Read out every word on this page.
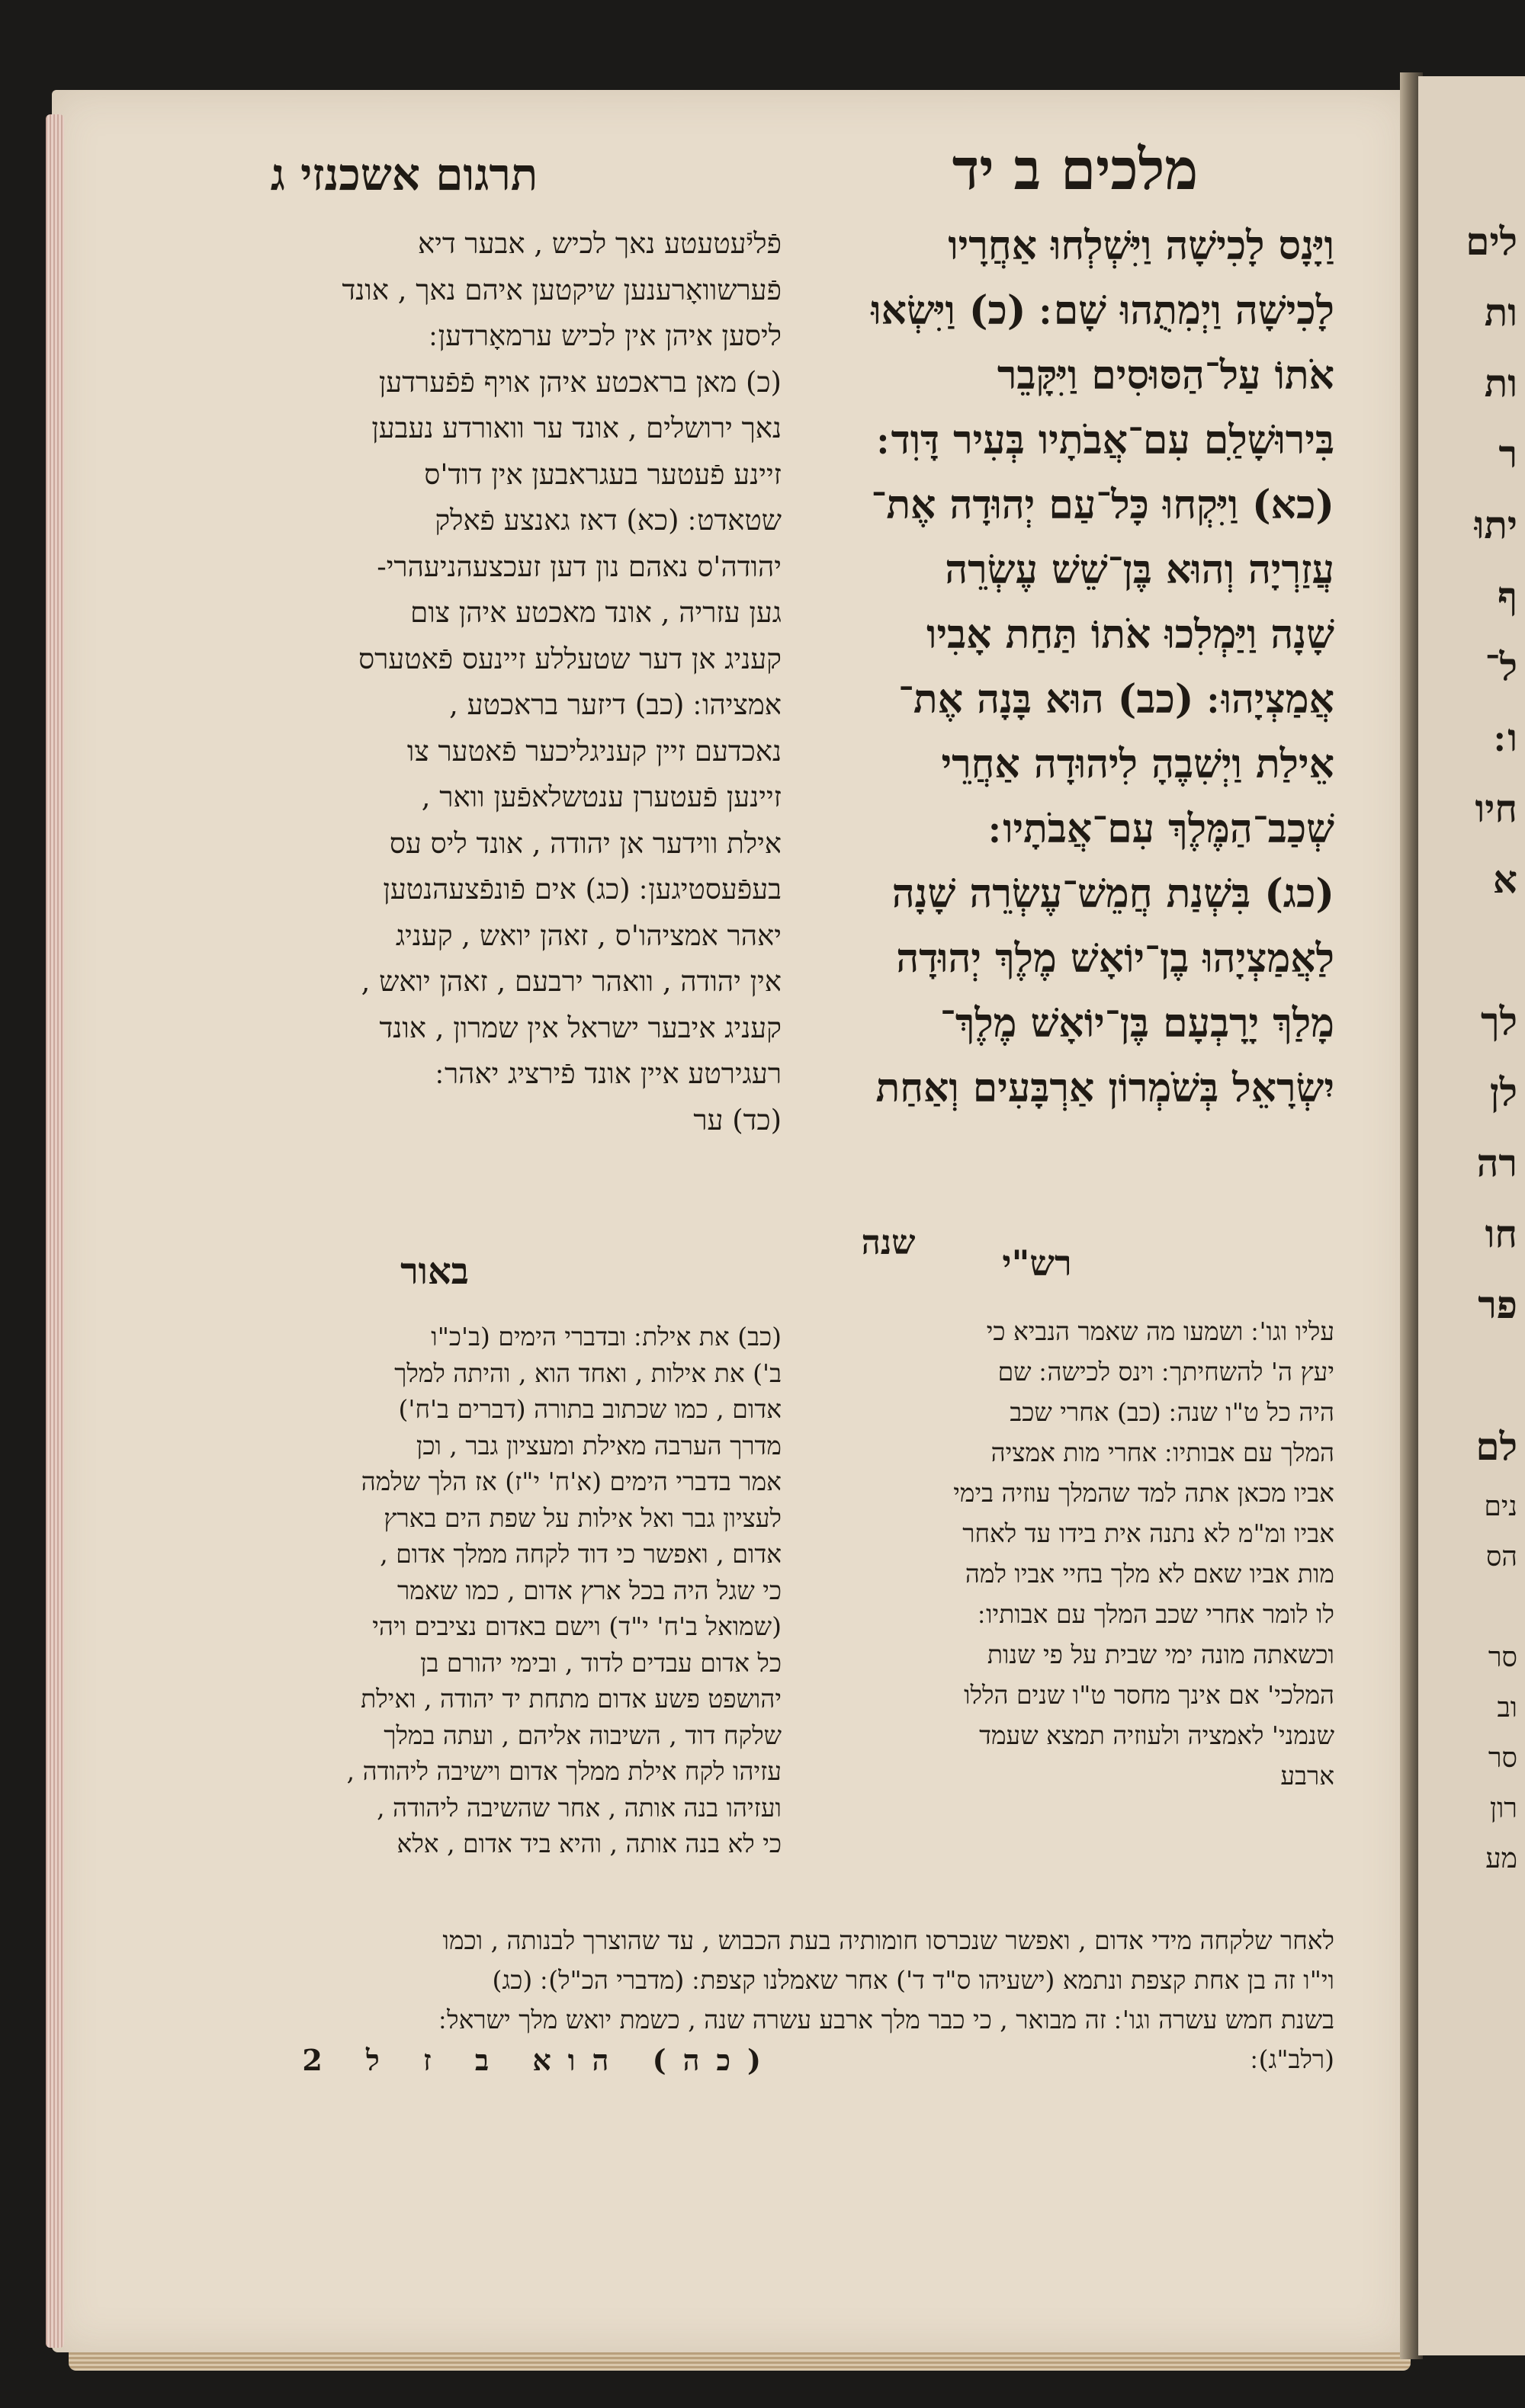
תרגום אשכנזי ג	מלכים ב יד
פֿליֿעטעטע נאך לכיש , אבער דיא
פֿערשוואָרענען שיקטען איהם נאך , אונד
ליסען איהן אין לכיש ערמאָרדען ׃
(כ) מאן בראכטע איהן אויף פֿפֿערדען
נאך ירושלים , אונד ער וואורדע נעבען
זיינע פֿעטער בעגראבען אין דוד'ס
שטאדט ׃ (כא) דאז גאנצע פֿאלק
יהודה'ס נאהם נון דען זעכצעהניעהרי-
גען עזריה , אונד מאכטע איהן צום
קעניג אן דער שטעללע זיינעס פֿאטערס
אמציהו ׃ (כב) דיזער בראכטע ,
נאכדעם זיין קעניגליכער פֿאטער צו
זיינען פֿעטערן ענטשלאפֿען וואר ,
אילת ווידער אן יהודה , אונד ליס עס
בעפֿעסטיגען ׃ (כג) אים פֿונפֿצעהנטען
יאהר אמציהו'ס , זאהן יואש , קעניג
אין יהודה , וואהר ירבעם , זאהן יואש ,
קעניג איבער ישראל אין שמרון , אונד
רעגירטע איין אונד פֿירציג יאהר ׃
(כד) ער
וַיָּנָס לָכִישָׁה וַיִּשְׁלְחוּ אַחֲרָיו
לָכִישָׁה וַיְמִתֻהוּ שָׁם ׃ (כ) וַיִּשְׂאוּ
אֹתוֹ עַל־הַסּוּסִים וַיִּקָּבֵר
בִּירוּשָׁלַ‍ִם עִם־אֲבֹתָיו בְּעִיר דָּוִד ׃
(כא) וַיִּקְחוּ כָּל־עַם יְהוּדָה אֶת־
עֲזַרְיָה וְהוּא בֶּן־שֵׁשׁ עֶשְׂרֵה
שָׁנָה וַיַּמְלִכוּ אֹתוֹ תַּחַת אָבִיו
אֲמַצְיָהוּ ׃ (כב) הוּא בָּנָה אֶת־
אֵילַת וַיְשִׁבֶהָ לִיהוּדָה אַחֲרֵי
שְׁכַב־הַמֶּלֶךְ עִם־אֲבֹתָיו ׃
(כג) בִּשְׁנַת חֲמֵשׁ־עֶשְׂרֵה שָׁנָה
לַאֲמַצְיָהוּ בֶן־יוֹאָשׁ מֶלֶךְ יְהוּדָה
מָלַךְ יָרָבְעָם בֶּן־יוֹאָשׁ מֶלֶךְ־
יִשְׂרָאֵל בְּשֹׁמְרוֹן אַרְבָּעִים וְאַחַת
שנה
באור	רש"י
(כב) את אילת ׃ ובדברי הימים (ב'כ"ו
ב') את אילות , ואחד הוא , והיתה למלך
אדום , כמו שכתוב בתורה (דברים ב'ח')
מדרך הערבה מאילת ומעציון גבר , וכן
אמר בדברי הימים (א'ח' י"ז) אז הלך שלמה
לעציון גבר ואל אילות על שפת הים בארץ
אדום , ואפשר כי דוד לקחה ממלך אדום ,
כי שגל היה בכל ארץ אדום , כמו שאמר
(שמואל ב'ח' י"ד) וישם באדום נציבים ויהי
כל אדום עבדים לדוד , ובימי יהורם בן
יהושפט פשע אדום מתחת יד יהודה , ואילת
שלקח דוד , השיבוה אליהם , ועתה במלך
עזיהו לקח אילת ממלך אדום וישיבה ליהודה ,
ועזיהו בנה אותה , אחר שהשיבה ליהודה ,
כי לא בנה אותה , והיא ביד אדום , אלא
עליו וגו' ׃ ושמעו מה שאמר הנביא כי
יעץ ה' להשחיתך ׃ וינס לכישה ׃ שם
היה כל ט"ו שנה ׃ (כב) אחרי שכב
המלך עם אבותיו ׃ אחרי מות אמציה
אביו מכאן אתה למד שהמלך עוזיה בימי
אביו ומ"מ לא נתנה אית בידו עד לאחר
מות אביו שאם לא מלך בחיי אביו למה
לו לומר אחרי שכב המלך עם אבותיו ׃
וכשאתה מונה ימי שבית על פי שנות
המלכי' אם אינך מחסר ט"ו שנים הללו
שנמני' לאמציה ולעוזיה תמצא שעמד
ארבע
לאחר שלקחה מידי אדום , ואפשר שנכרסו חומותיה בעת הכבוש , עד שהוצרך לבנותה , וכמו
וי"ו זה בן אחת קצפת ונתמא (ישעיהו ס"ד ד') אחר שאמלנו קצפת ׃ (מדברי הכ"ל) ׃ (כג)
בשנת חמש עשרה וגו' ׃ זה מבואר , כי כבר מלך ארבע עשרה שנה , כשמת יואש מלך ישראל ׃
(רלב"ג) ׃
(כה) הוא ב ז ל 2
לים
ות
ות
ר
יתוּ
ף
ל־
ו ׃
חיו
א
לך
לן
רה
חו
פר
לם
נים
הס
סר
וב
סר
רון
מע
